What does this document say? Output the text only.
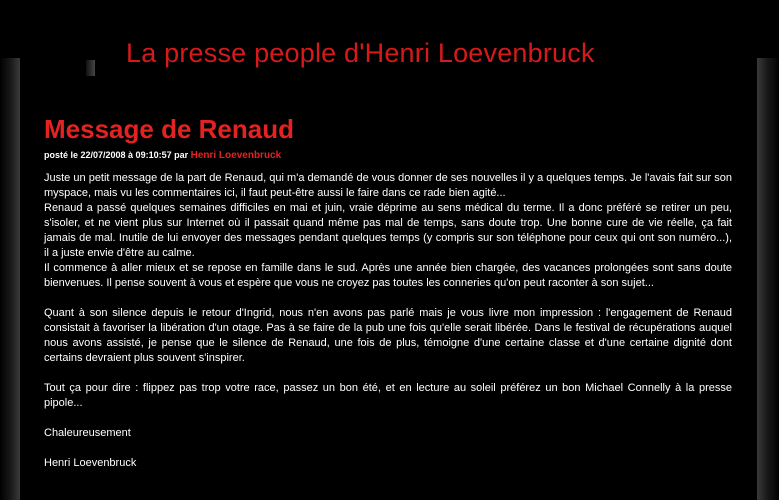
La presse people d'Henri Loevenbruck
Message de Renaud
posté le 22/07/2008 à 09:10:57 par Henri Loevenbruck

Juste un petit message de la part de Renaud, qui m'a demandé de vous donner de ses nouvelles il y a quelques temps. Je l'avais fait sur son myspace, mais vu les commentaires ici, il faut peut-être aussi le faire dans ce rade bien agité...

Renaud a passé quelques semaines difficiles en mai et juin, vraie déprime au sens médical du terme. Il a donc préféré se retirer un peu, s'isoler, et ne vient plus sur Internet où il passait quand même pas mal de temps, sans doute trop. Une bonne cure de vie réelle, ça fait jamais de mal. Inutile de lui envoyer des messages pendant quelques temps (y compris sur son téléphone pour ceux qui ont son numéro...), il a juste envie d'être au calme.

Il commence à aller mieux et se repose en famille dans le sud. Après une année bien chargée, des vacances prolongées sont sans doute bienvenues. Il pense souvent à vous et espère que vous ne croyez pas toutes les conneries qu'on peut raconter à son sujet...

Quant à son silence depuis le retour d'Ingrid, nous n'en avons pas parlé mais je vous livre mon impression : l'engagement de Renaud consistait à favoriser la libération d'un otage. Pas à se faire de la pub une fois qu'elle serait libérée. Dans le festival de récupérations auquel nous avons assisté, je pense que le silence de Renaud, une fois de plus, témoigne d'une certaine classe et d'une certaine dignité dont certains devraient plus souvent s'inspirer.

Tout ça pour dire : flippez pas trop votre race, passez un bon été, et en lecture au soleil préférez un bon Michael Connelly à la presse pipole...

Chaleureusement

Henri Loevenbruck
